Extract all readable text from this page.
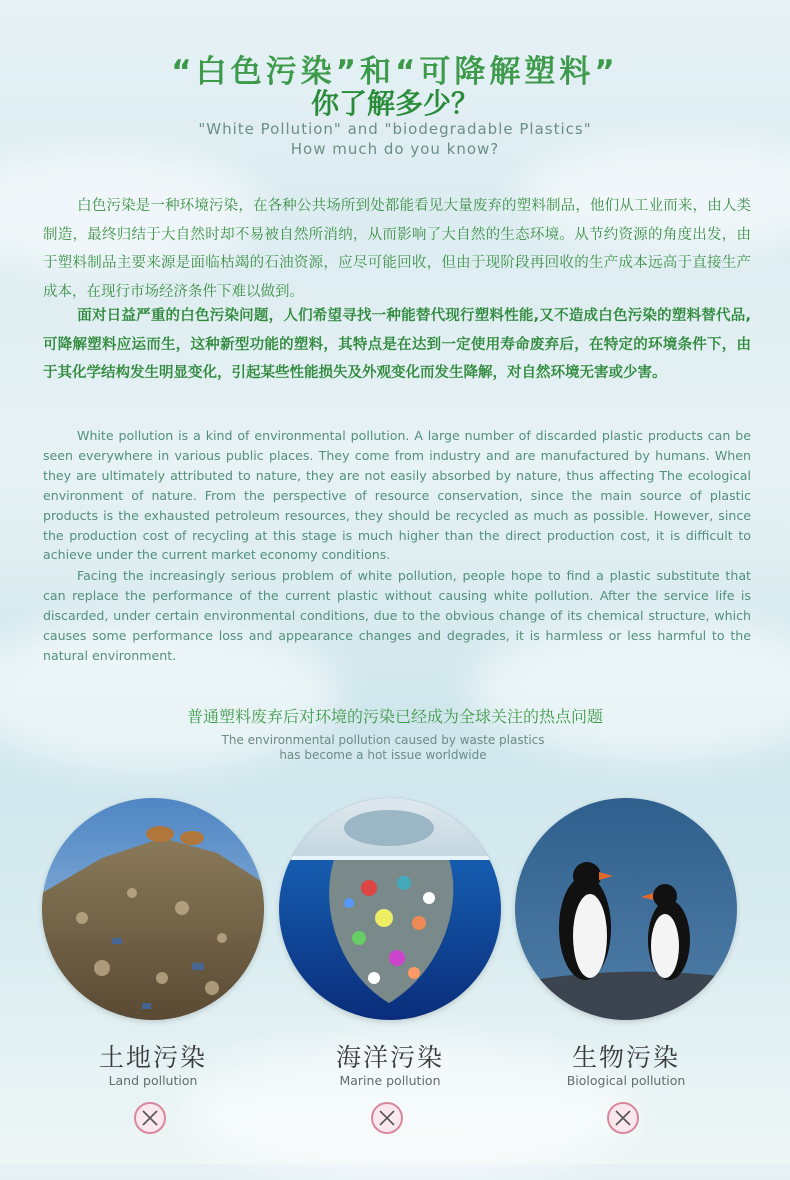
“白色污染”和“可降解塑料”
你了解多少？
"White Pollution" and "biodegradable Plastics"
How much do you know?
白色污染是一种环境污染，在各种公共场所到处都能看见大量废弃的塑料制品，他们从工业而来，由人类制造，最终归结于大自然时却不易被自然所消纳，从而影响了大自然的生态环境。从节约资源的角度出发，由于塑料制品主要来源是面临枯竭的石油资源，应尽可能回收，但由于现阶段再回收的生产成本远高于直接生产成本，在现行市场经济条件下难以做到。
面对日益严重的白色污染问题，人们希望寻找一种能替代现行塑料性能,又不造成白色污染的塑料替代品,可降解塑料应运而生，这种新型功能的塑料，其特点是在达到一定使用寿命废弃后，在特定的环境条件下，由于其化学结构发生明显变化，引起某些性能损失及外观变化而发生降解，对自然环境无害或少害。
White pollution is a kind of environmental pollution. A large number of discarded plastic products can be seen everywhere in various public places. They come from industry and are manufactured by humans. When they are ultimately attributed to nature, they are not easily absorbed by nature, thus affecting The ecological environment of nature. From the perspective of resource conservation, since the main source of plastic products is the exhausted petroleum resources, they should be recycled as much as possible. However, since the production cost of recycling at this stage is much higher than the direct production cost, it is difficult to achieve under the current market economy conditions.
Facing the increasingly serious problem of white pollution, people hope to find a plastic substitute that can replace the performance of the current plastic without causing white pollution. After the service life is discarded, under certain environmental conditions, due to the obvious change of its chemical structure, which causes some performance loss and appearance changes and degrades, it is harmless or less harmful to the natural environment.
普通塑料废弃后对环境的污染已经成为全球关注的热点问题
The environmental pollution caused by waste plastics
has become a hot issue worldwide
土地污染
Land pollution
海洋污染
Marine pollution
生物污染
Biological pollution
